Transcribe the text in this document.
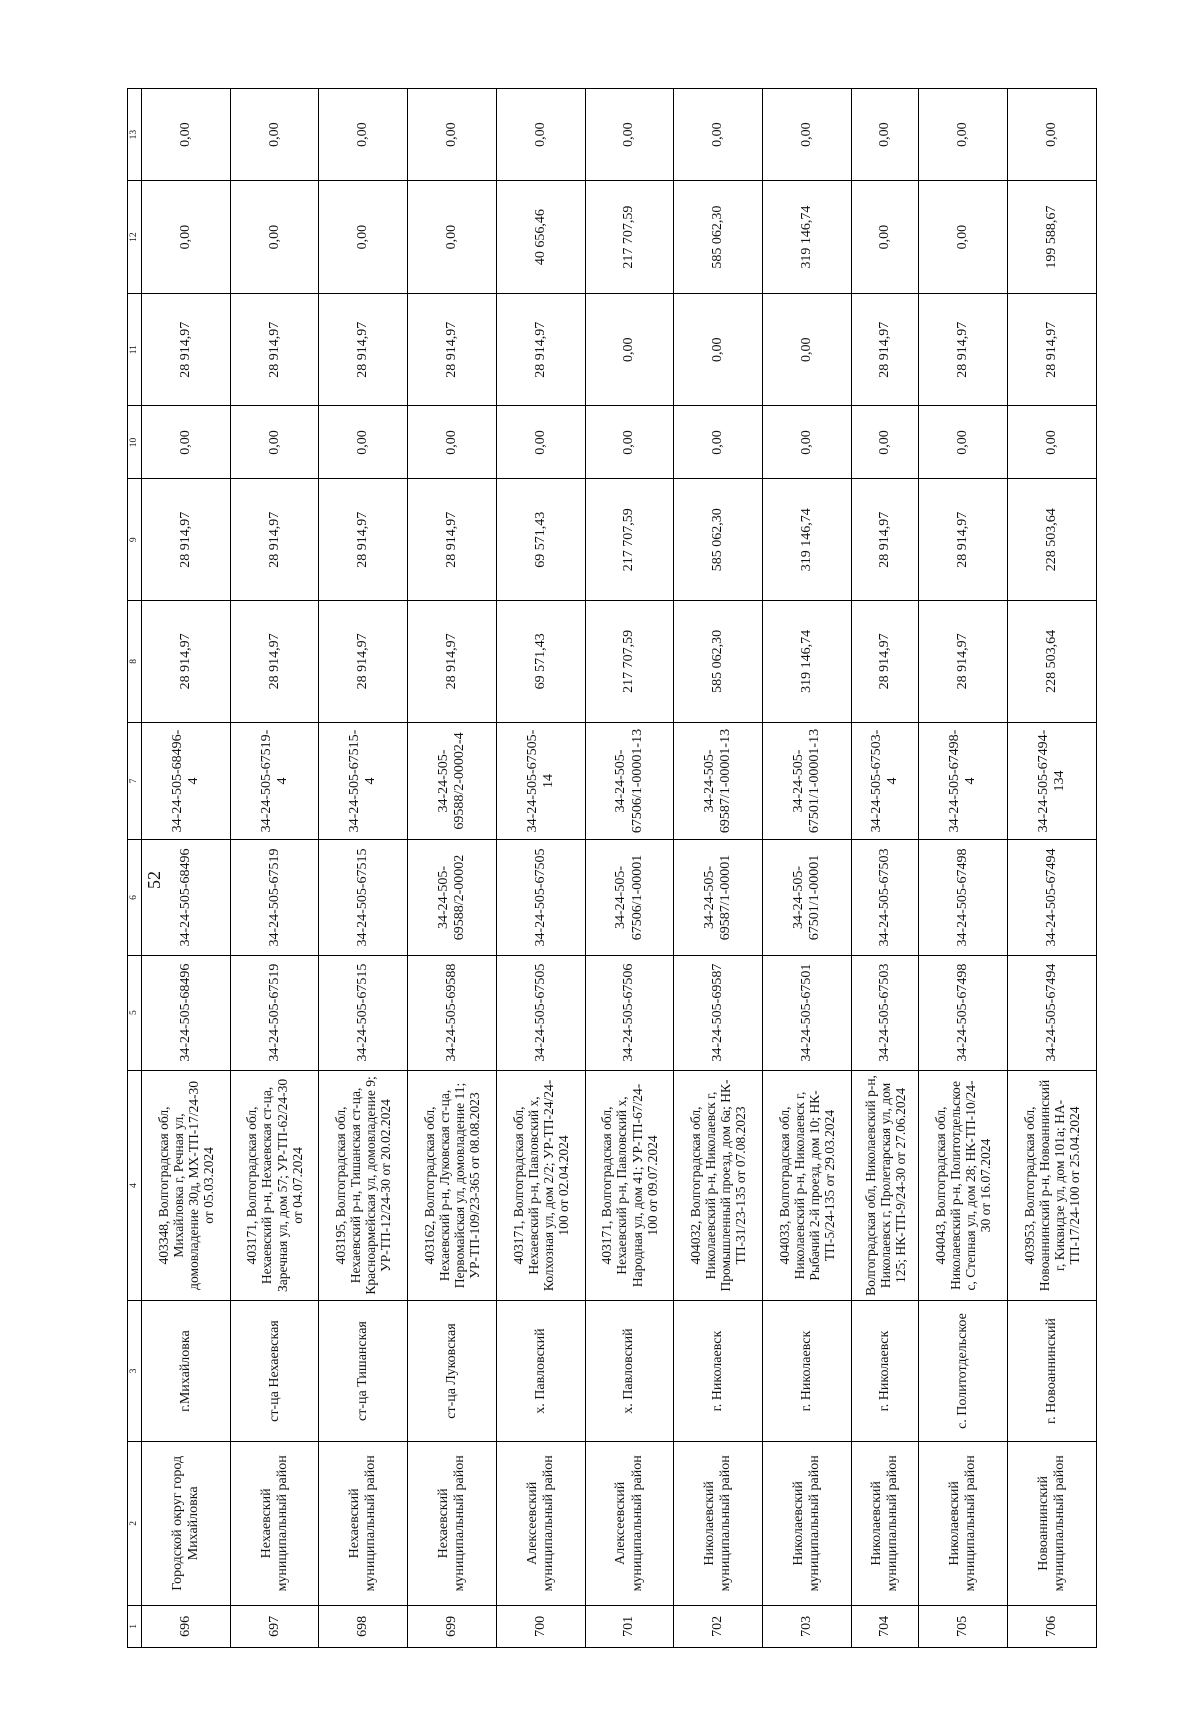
52
1	2	3	4	5	6	7	8	9	10	11	12	13
696	Городской округ город Михайловка	г.Михайловка	403348, Волгоградская обл, Михайловка г, Речная ул, домовладение 30д, МХ-ТП-17/24-30 от 05.03.2024	34-24-505-68496	34-24-505-68496	34-24-505-68496-4	28 914,97	28 914,97	0,00	28 914,97	0,00	0,00
697	Нехаевский муниципальный район	ст-ца Нехаевская	403171, Волгоградская обл, Нехаевский р-н, Нехаевская ст-ца, Заречная ул, дом 57; УР-ТП-62/24-30 от 04.07.2024	34-24-505-67519	34-24-505-67519	34-24-505-67519-4	28 914,97	28 914,97	0,00	28 914,97	0,00	0,00
698	Нехаевский муниципальный район	ст-ца Тишанская	403195, Волгоградская обл, Нехаевский р-н, Тишанская ст-ца, Красноармейская ул, домовладение 9; УР-ТП-12/24-30 от 20.02.2024	34-24-505-67515	34-24-505-67515	34-24-505-67515-4	28 914,97	28 914,97	0,00	28 914,97	0,00	0,00
699	Нехаевский муниципальный район	ст-ца Луковская	403162, Волгоградская обл, Нехаевский р-н, Луковская ст-ца, Первомайская ул, домовладение 11; УР-ТП-109/23-365 от 08.08.2023	34-24-505-69588	34-24-505-69588/2-00002	34-24-505-69588/2-00002-4	28 914,97	28 914,97	0,00	28 914,97	0,00	0,00
700	Алексеевский муниципальный район	х. Павловский	403171, Волгоградская обл, Нехаевский р-н, Павловский х, Колхозная ул, дом 2/2; УР-ТП-24/24-100 от 02.04.2024	34-24-505-67505	34-24-505-67505	34-24-505-67505-14	69 571,43	69 571,43	0,00	28 914,97	40 656,46	0,00
701	Алексеевский муниципальный район	х. Павловский	403171, Волгоградская обл, Нехаевский р-н, Павловский х, Народная ул, дом 41; УР-ТП-67/24-100 от 09.07.2024	34-24-505-67506	34-24-505-67506/1-00001	34-24-505-67506/1-00001-13	217 707,59	217 707,59	0,00	0,00	217 707,59	0,00
702	Николаевский муниципальный район	г. Николаевск	404032, Волгоградская обл, Николаевский р-н, Николаевск г, Промышленный проезд, дом 6а; НК-ТП-31/23-135 от 07.08.2023	34-24-505-69587	34-24-505-69587/1-00001	34-24-505-69587/1-00001-13	585 062,30	585 062,30	0,00	0,00	585 062,30	0,00
703	Николаевский муниципальный район	г. Николаевск	404033, Волгоградская обл, Николаевский р-н, Николаевск г, Рыбачий 2-й проезд, дом 10; НК-ТП-5/24-135 от 29.03.2024	34-24-505-67501	34-24-505-67501/1-00001	34-24-505-67501/1-00001-13	319 146,74	319 146,74	0,00	0,00	319 146,74	0,00
704	Николаевский муниципальный район	г. Николаевск	Волгоградская обл, Николаевский р-н, Николаевск г, Пролетарская ул, дом 125; НК-ТП-9/24-30 от 27.06.2024	34-24-505-67503	34-24-505-67503	34-24-505-67503-4	28 914,97	28 914,97	0,00	28 914,97	0,00	0,00
705	Николаевский муниципальный район	с. Политотдельское	404043, Волгоградская обл, Николаевский р-н, Политотдельское с, Степная ул, дом 28; НК-ТП-10/24-30 от 16.07.2024	34-24-505-67498	34-24-505-67498	34-24-505-67498-4	28 914,97	28 914,97	0,00	28 914,97	0,00	0,00
706	Новоаннинский муниципальный район	г. Новоаннинский	403953, Волгоградская обл, Новоаннинский р-н, Новоаннинский г, Киквидзе ул, дом 101а; НА-ТП-17/24-100 от 25.04.2024	34-24-505-67494	34-24-505-67494	34-24-505-67494-134	228 503,64	228 503,64	0,00	28 914,97	199 588,67	0,00
